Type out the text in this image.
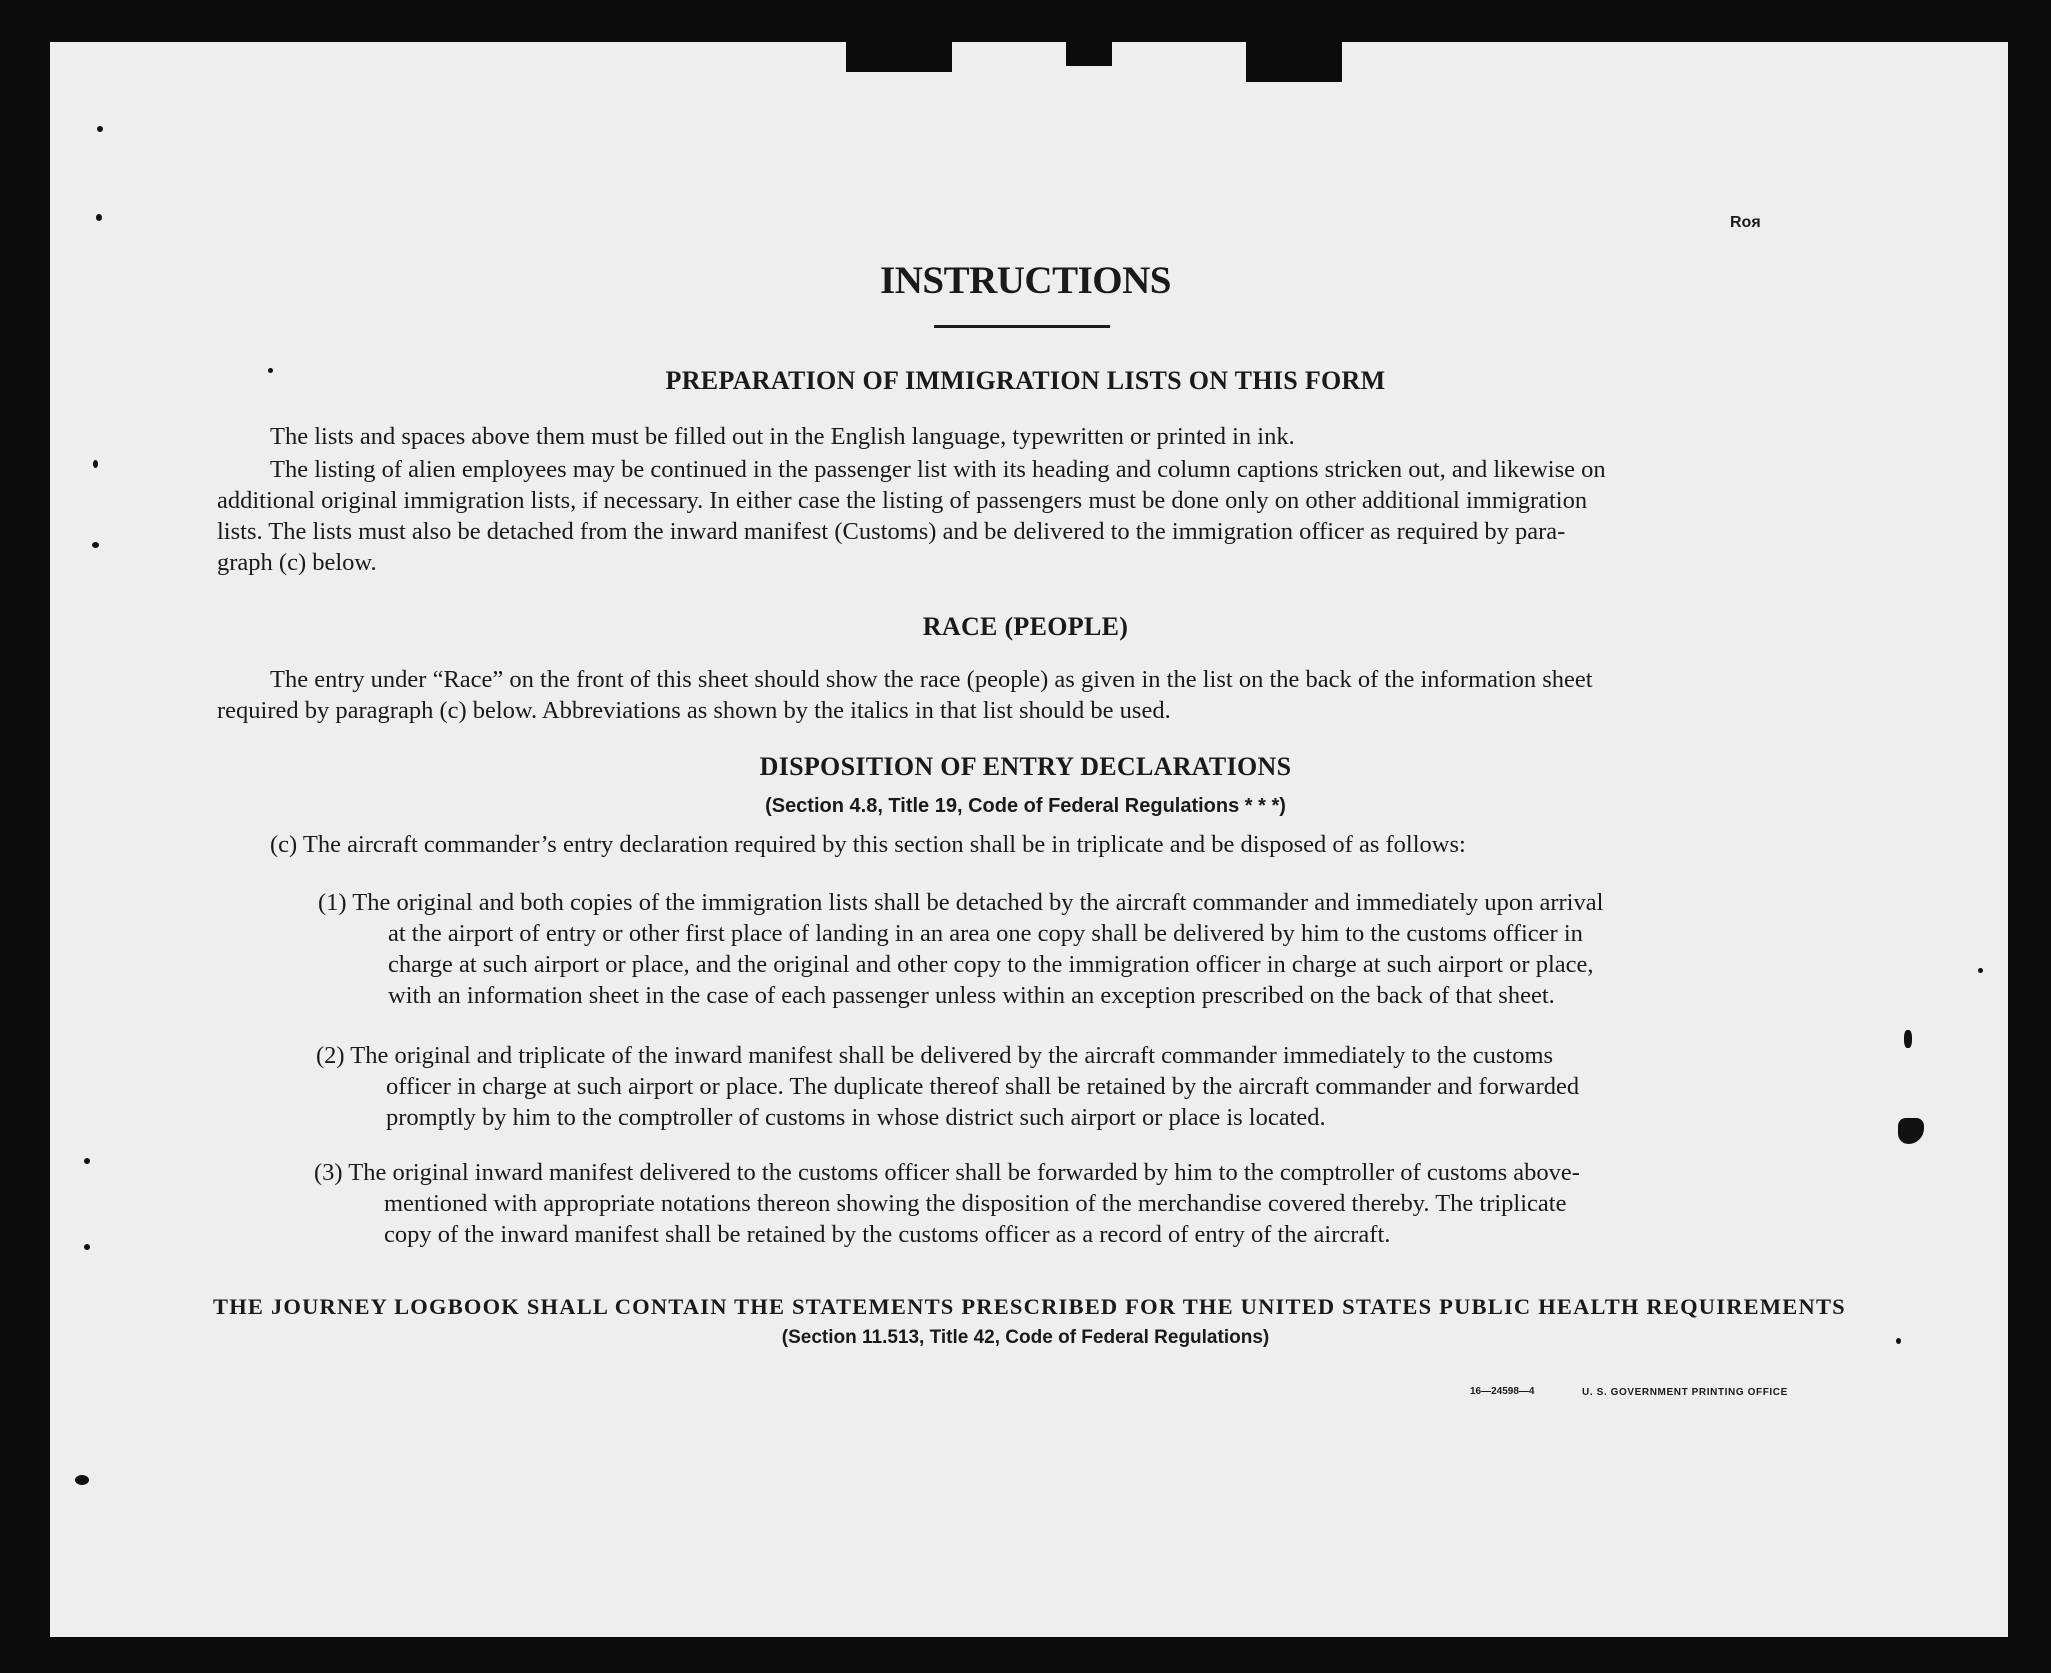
Roя
INSTRUCTIONS
PREPARATION OF IMMIGRATION LISTS ON THIS FORM
The lists and spaces above them must be filled out in the English language, typewritten or printed in ink.
The listing of alien employees may be continued in the passenger list with its heading and column captions stricken out, and likewise on
additional original immigration lists, if necessary. In either case the listing of passengers must be done only on other additional immigration
lists. The lists must also be detached from the inward manifest (Customs) and be delivered to the immigration officer as required by para-
graph (c) below.
RACE (PEOPLE)
The entry under “Race” on the front of this sheet should show the race (people) as given in the list on the back of the information sheet
required by paragraph (c) below. Abbreviations as shown by the italics in that list should be used.
DISPOSITION OF ENTRY DECLARATIONS
(Section 4.8, Title 19, Code of Federal Regulations * * *)
(c) The aircraft commander’s entry declaration required by this section shall be in triplicate and be disposed of as follows:
(1) The original and both copies of the immigration lists shall be detached by the aircraft commander and immediately upon arrival
at the airport of entry or other first place of landing in an area one copy shall be delivered by him to the customs officer in
charge at such airport or place, and the original and other copy to the immigration officer in charge at such airport or place,
with an information sheet in the case of each passenger unless within an exception prescribed on the back of that sheet.
(2) The original and triplicate of the inward manifest shall be delivered by the aircraft commander immediately to the customs
officer in charge at such airport or place. The duplicate thereof shall be retained by the aircraft commander and forwarded
promptly by him to the comptroller of customs in whose district such airport or place is located.
(3) The original inward manifest delivered to the customs officer shall be forwarded by him to the comptroller of customs above-
mentioned with appropriate notations thereon showing the disposition of the merchandise covered thereby. The triplicate
copy of the inward manifest shall be retained by the customs officer as a record of entry of the aircraft.
THE JOURNEY LOGBOOK SHALL CONTAIN THE STATEMENTS PRESCRIBED FOR THE UNITED STATES PUBLIC HEALTH REQUIREMENTS
(Section 11.513, Title 42, Code of Federal Regulations)
16—24598—4	U. S. GOVERNMENT PRINTING OFFICE
